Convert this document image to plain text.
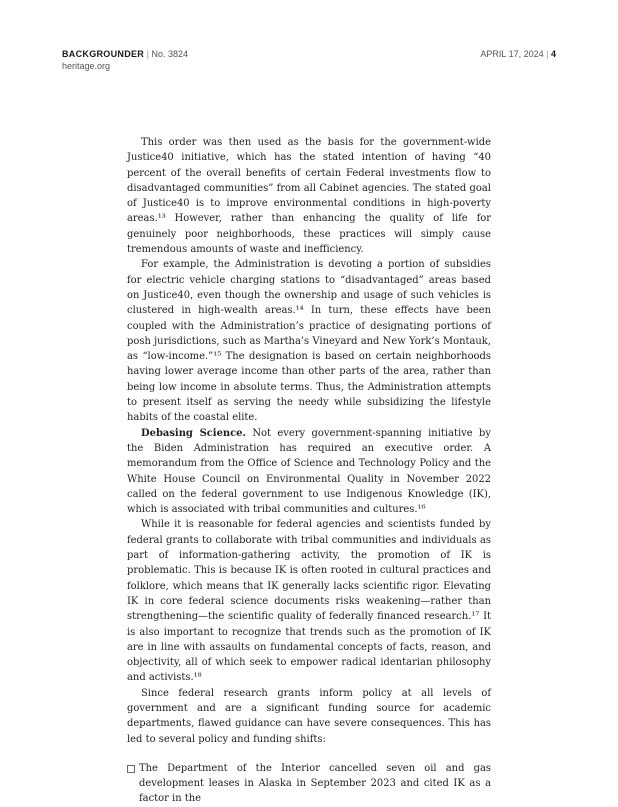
BACKGROUNDER | No. 3824
heritage.org
APRIL 17, 2024 | 4

This order was then used as the basis for the government-wide Justice40 initiative, which has the stated intention of having “40 percent of the overall benefits of certain Federal investments flow to disadvantaged communities” from all Cabinet agencies. The stated goal of Justice40 is to improve environmental conditions in high-poverty areas.¹³ However, rather than enhancing the quality of life for genuinely poor neighborhoods, these practices will simply cause tremendous amounts of waste and inefficiency.

For example, the Administration is devoting a portion of subsidies for electric vehicle charging stations to “disadvantaged” areas based on Justice40, even though the ownership and usage of such vehicles is clustered in high-wealth areas.¹⁴ In turn, these effects have been coupled with the Administration’s practice of designating portions of posh jurisdictions, such as Martha’s Vineyard and New York’s Montauk, as “low-income.”¹⁵ The designation is based on certain neighborhoods having lower average income than other parts of the area, rather than being low income in absolute terms. Thus, the Administration attempts to present itself as serving the needy while subsidizing the lifestyle habits of the coastal elite.

Debasing Science. Not every government-spanning initiative by the Biden Administration has required an executive order. A memorandum from the Office of Science and Technology Policy and the White House Council on Environmental Quality in November 2022 called on the federal government to use Indigenous Knowledge (IK), which is associated with tribal communities and cultures.¹⁶

While it is reasonable for federal agencies and scientists funded by federal grants to collaborate with tribal communities and individuals as part of information-gathering activity, the promotion of IK is problematic. This is because IK is often rooted in cultural practices and folklore, which means that IK generally lacks scientific rigor. Elevating IK in core federal science documents risks weakening—rather than strengthening—the scientific quality of federally financed research.¹⁷ It is also important to recognize that trends such as the promotion of IK are in line with assaults on fundamental concepts of facts, reason, and objectivity, all of which seek to empower radical identarian philosophy and activists.¹⁸

Since federal research grants inform policy at all levels of government and are a significant funding source for academic departments, flawed guidance can have severe consequences. This has led to several policy and funding shifts:

The Department of the Interior cancelled seven oil and gas development leases in Alaska in September 2023 and cited IK as a factor in the
